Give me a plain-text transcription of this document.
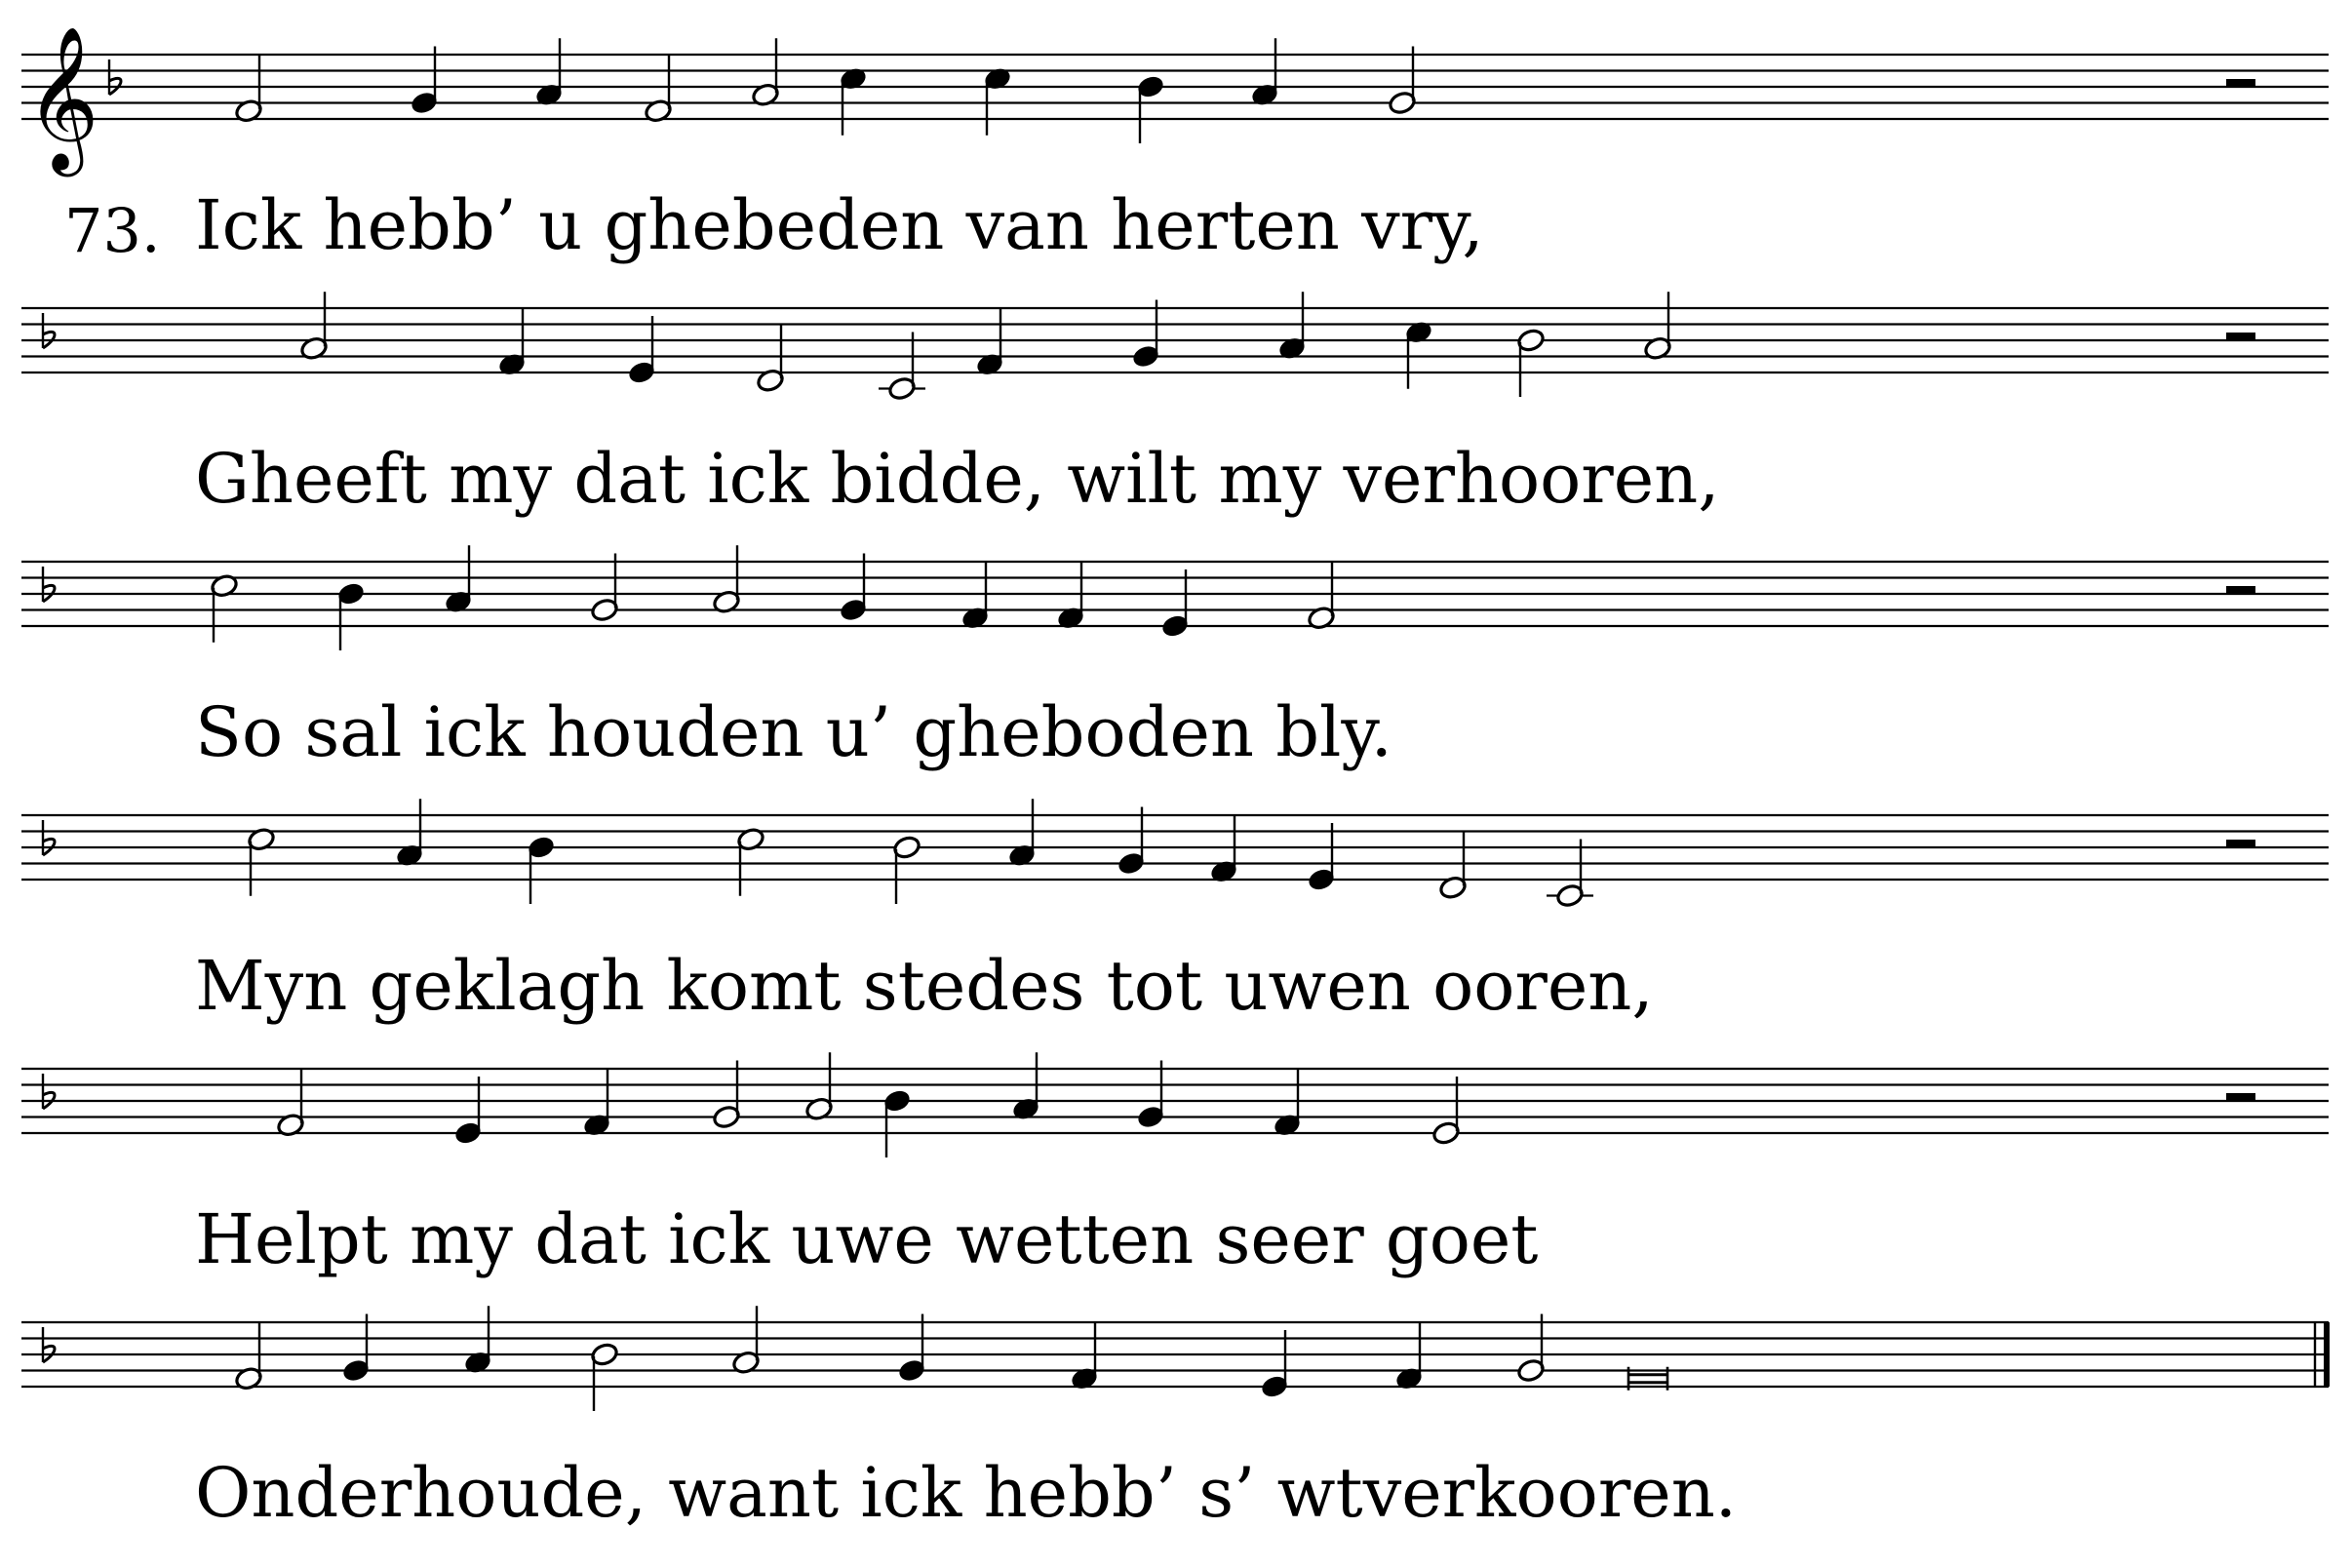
𝄞
73. Ick hebb’ u ghebeden van herten vry,
Gheeft my dat ick bidde, wilt my verhooren,
So sal ick houden u’ gheboden bly.
Myn geklagh komt stedes tot uwen ooren,
Helpt my dat ick uwe wetten seer goet
Onderhoude, want ick hebb’ s’ wtverkooren.
